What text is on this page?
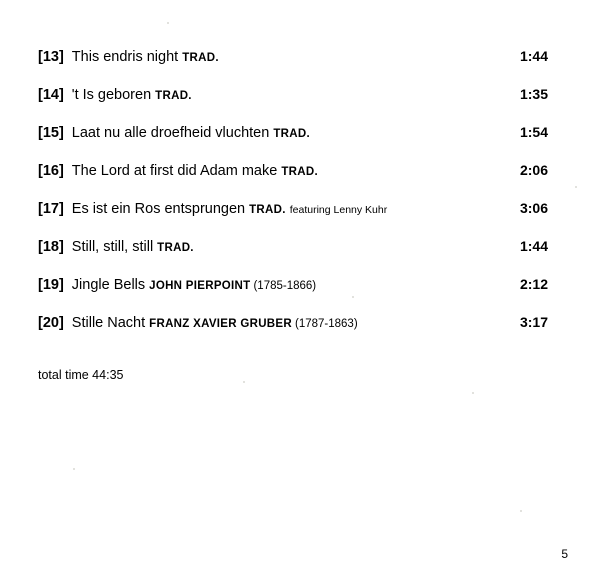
[13] This endris night TRAD.	1:44
[14] 't Is geboren TRAD.	1:35
[15] Laat nu alle droefheid vluchten TRAD.	1:54
[16] The Lord at first did Adam make TRAD.	2:06
[17] Es ist ein Ros entsprungen TRAD. featuring Lenny Kuhr	3:06
[18] Still, still, still TRAD.	1:44
[19] Jingle Bells JOHN PIERPOINT (1785-1866)	2:12
[20] Stille Nacht FRANZ XAVIER GRUBER (1787-1863)	3:17
total time 44:35
5
